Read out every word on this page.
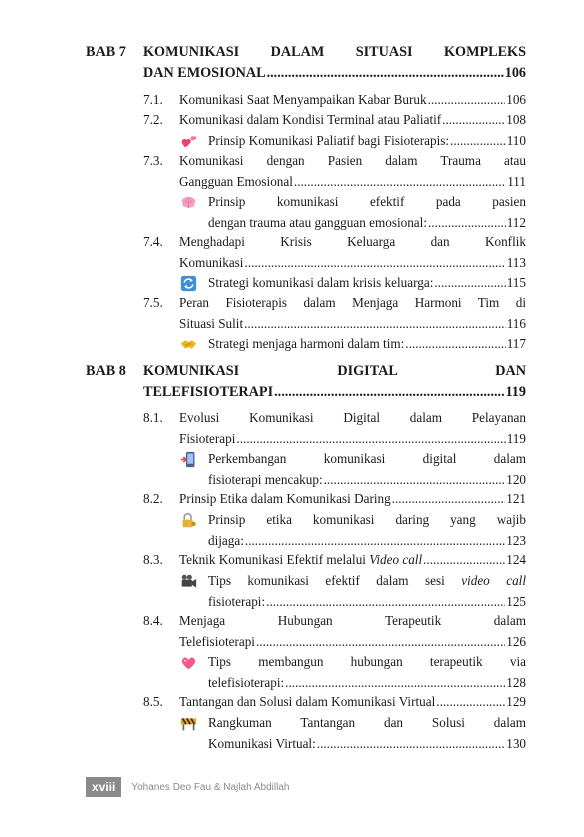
BAB 7 KOMUNIKASI DALAM SITUASI KOMPLEKS
DAN EMOSIONAL .....	106
7.1. Komunikasi Saat Menyampaikan Kabar Buruk .....	106
7.2. Komunikasi dalam Kondisi Terminal atau Paliatif .....	108
Prinsip Komunikasi Paliatif bagi Fisioterapis: .....	110
7.3. Komunikasi dengan Pasien dalam Trauma atau
Gangguan Emosional .....	111
Prinsip komunikasi efektif pada pasien
dengan trauma atau gangguan emosional: .....	112
7.4. Menghadapi Krisis Keluarga dan Konflik
Komunikasi .....	113
Strategi komunikasi dalam krisis keluarga: .....	115
7.5. Peran Fisioterapis dalam Menjaga Harmoni Tim di
Situasi Sulit .....	116
Strategi menjaga harmoni dalam tim: .....	117
BAB 8 KOMUNIKASI DIGITAL DAN
TELEFISIOTERAPI .....	119
8.1. Evolusi Komunikasi Digital dalam Pelayanan
Fisioterapi .....	119
Perkembangan komunikasi digital dalam
fisioterapi mencakup: .....	120
8.2. Prinsip Etika dalam Komunikasi Daring .....	121
Prinsip etika komunikasi daring yang wajib
dijaga: .....	123
8.3. Teknik Komunikasi Efektif melalui Video call .....	124
Tips komunikasi efektif dalam sesi video call
fisioterapi: .....	125
8.4. Menjaga Hubungan Terapeutik dalam
Telefisioterapi .....	126
Tips membangun hubungan terapeutik via
telefisioterapi: .....	128
8.5. Tantangan dan Solusi dalam Komunikasi Virtual .....	129
Rangkuman Tantangan dan Solusi dalam
Komunikasi Virtual: .....	130
xviii	Yohanes Deo Fau & Najlah Abdillah
